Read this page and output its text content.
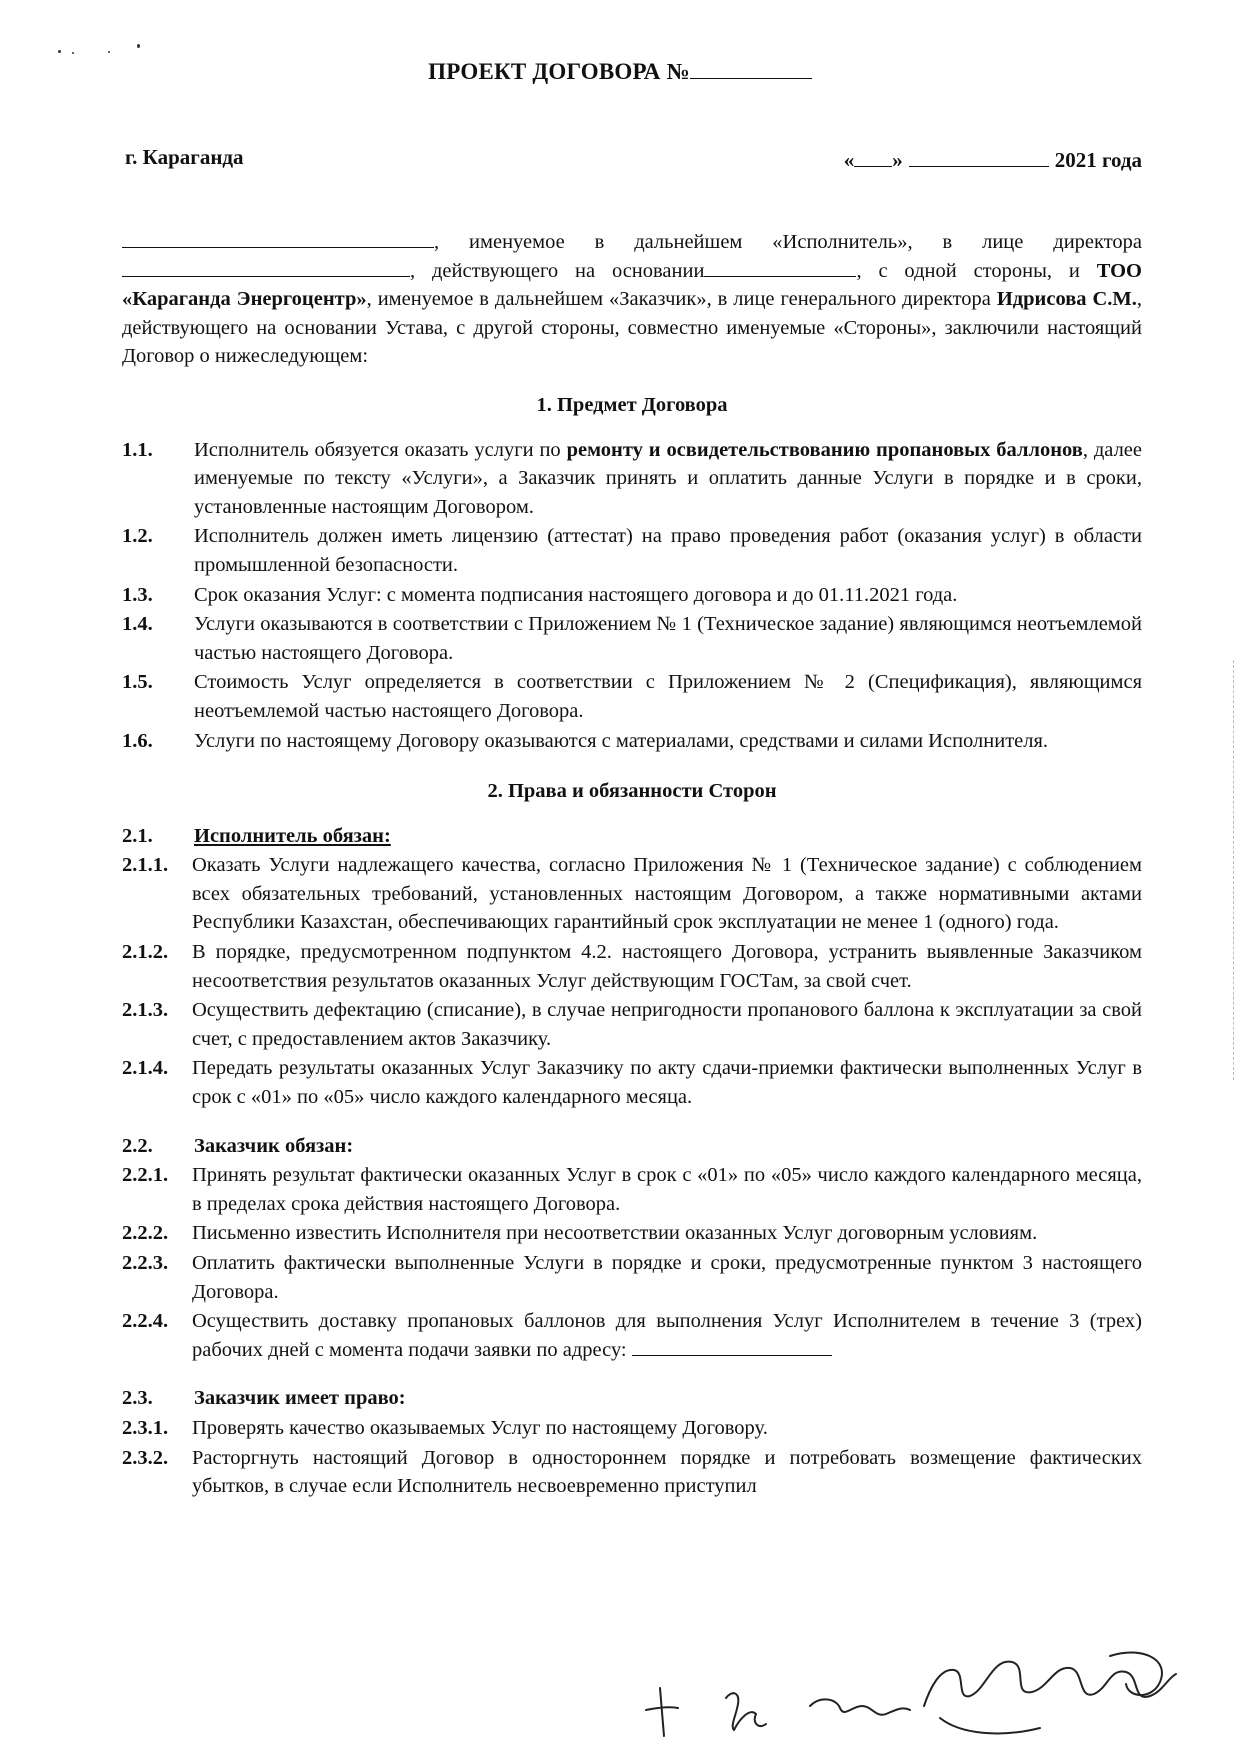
ПРОЕКТ ДОГОВОРА №
г. Караганда	« »	2021 года

, именуемое в дальнейшем «Исполнитель», в лице директора , действующего на основании	, с одной стороны, и ТОО «Караганда Энергоцентр», именуемое в дальнейшем «Заказчик», в лице генерального директора Идрисова С.М., действующего на основании Устава, с другой стороны, совместно именуемые «Стороны», заключили настоящий Договор о нижеследующем:

1. Предмет Договора
1.1.	Исполнитель обязуется оказать услуги по ремонту и освидетельствованию пропановых баллонов, далее именуемые по тексту «Услуги», а Заказчик принять и оплатить данные Услуги в порядке и в сроки, установленные настоящим Договором.
1.2.	Исполнитель должен иметь лицензию (аттестат) на право проведения работ (оказания услуг) в области промышленной безопасности.
1.3.	Срок оказания Услуг: с момента подписания настоящего договора и до 01.11.2021 года.
1.4.	Услуги оказываются в соответствии с Приложением № 1 (Техническое задание) являющимся неотъемлемой частью настоящего Договора.
1.5.	Стоимость Услуг определяется в соответствии с Приложением № 2 (Спецификация), являющимся неотъемлемой частью настоящего Договора.
1.6.	Услуги по настоящему Договору оказываются с материалами, средствами и силами Исполнителя.
2. Права и обязанности Сторон
2.1.	Исполнитель обязан:
2.1.1.	Оказать Услуги надлежащего качества, согласно Приложения № 1 (Техническое задание) с соблюдением всех обязательных требований, установленных настоящим Договором, а также нормативными актами Республики Казахстан, обеспечивающих гарантийный срок эксплуатации не менее 1 (одного) года.
2.1.2.	В порядке, предусмотренном подпунктом 4.2. настоящего Договора, устранить выявленные Заказчиком несоответствия результатов оказанных Услуг действующим ГОСТам, за свой счет.
2.1.3.	Осуществить дефектацию (списание), в случае непригодности пропанового баллона к эксплуатации за свой счет, с предоставлением актов Заказчику.
2.1.4.	Передать результаты оказанных Услуг Заказчику по акту сдачи-приемки фактически выполненных Услуг в срок с «01» по «05» число каждого календарного месяца.
2.2.	Заказчик обязан:
2.2.1.	Принять результат фактически оказанных Услуг в срок с «01» по «05» число каждого календарного месяца, в пределах срока действия настоящего Договора.
2.2.2.	Письменно известить Исполнителя при несоответствии оказанных Услуг договорным условиям.
2.2.3.	Оплатить фактически выполненные Услуги в порядке и сроки, предусмотренные пунктом 3 настоящего Договора.
2.2.4.	Осуществить доставку пропановых баллонов для выполнения Услуг Исполнителем в течение 3 (трех) рабочих дней с момента подачи заявки по адресу:
2.3.	Заказчик имеет право:
2.3.1.	Проверять качество оказываемых Услуг по настоящему Договору.
2.3.2.	Расторгнуть настоящий Договор в одностороннем порядке и потребовать возмещение фактических убытков, в случае если Исполнитель несвоевременно приступил
